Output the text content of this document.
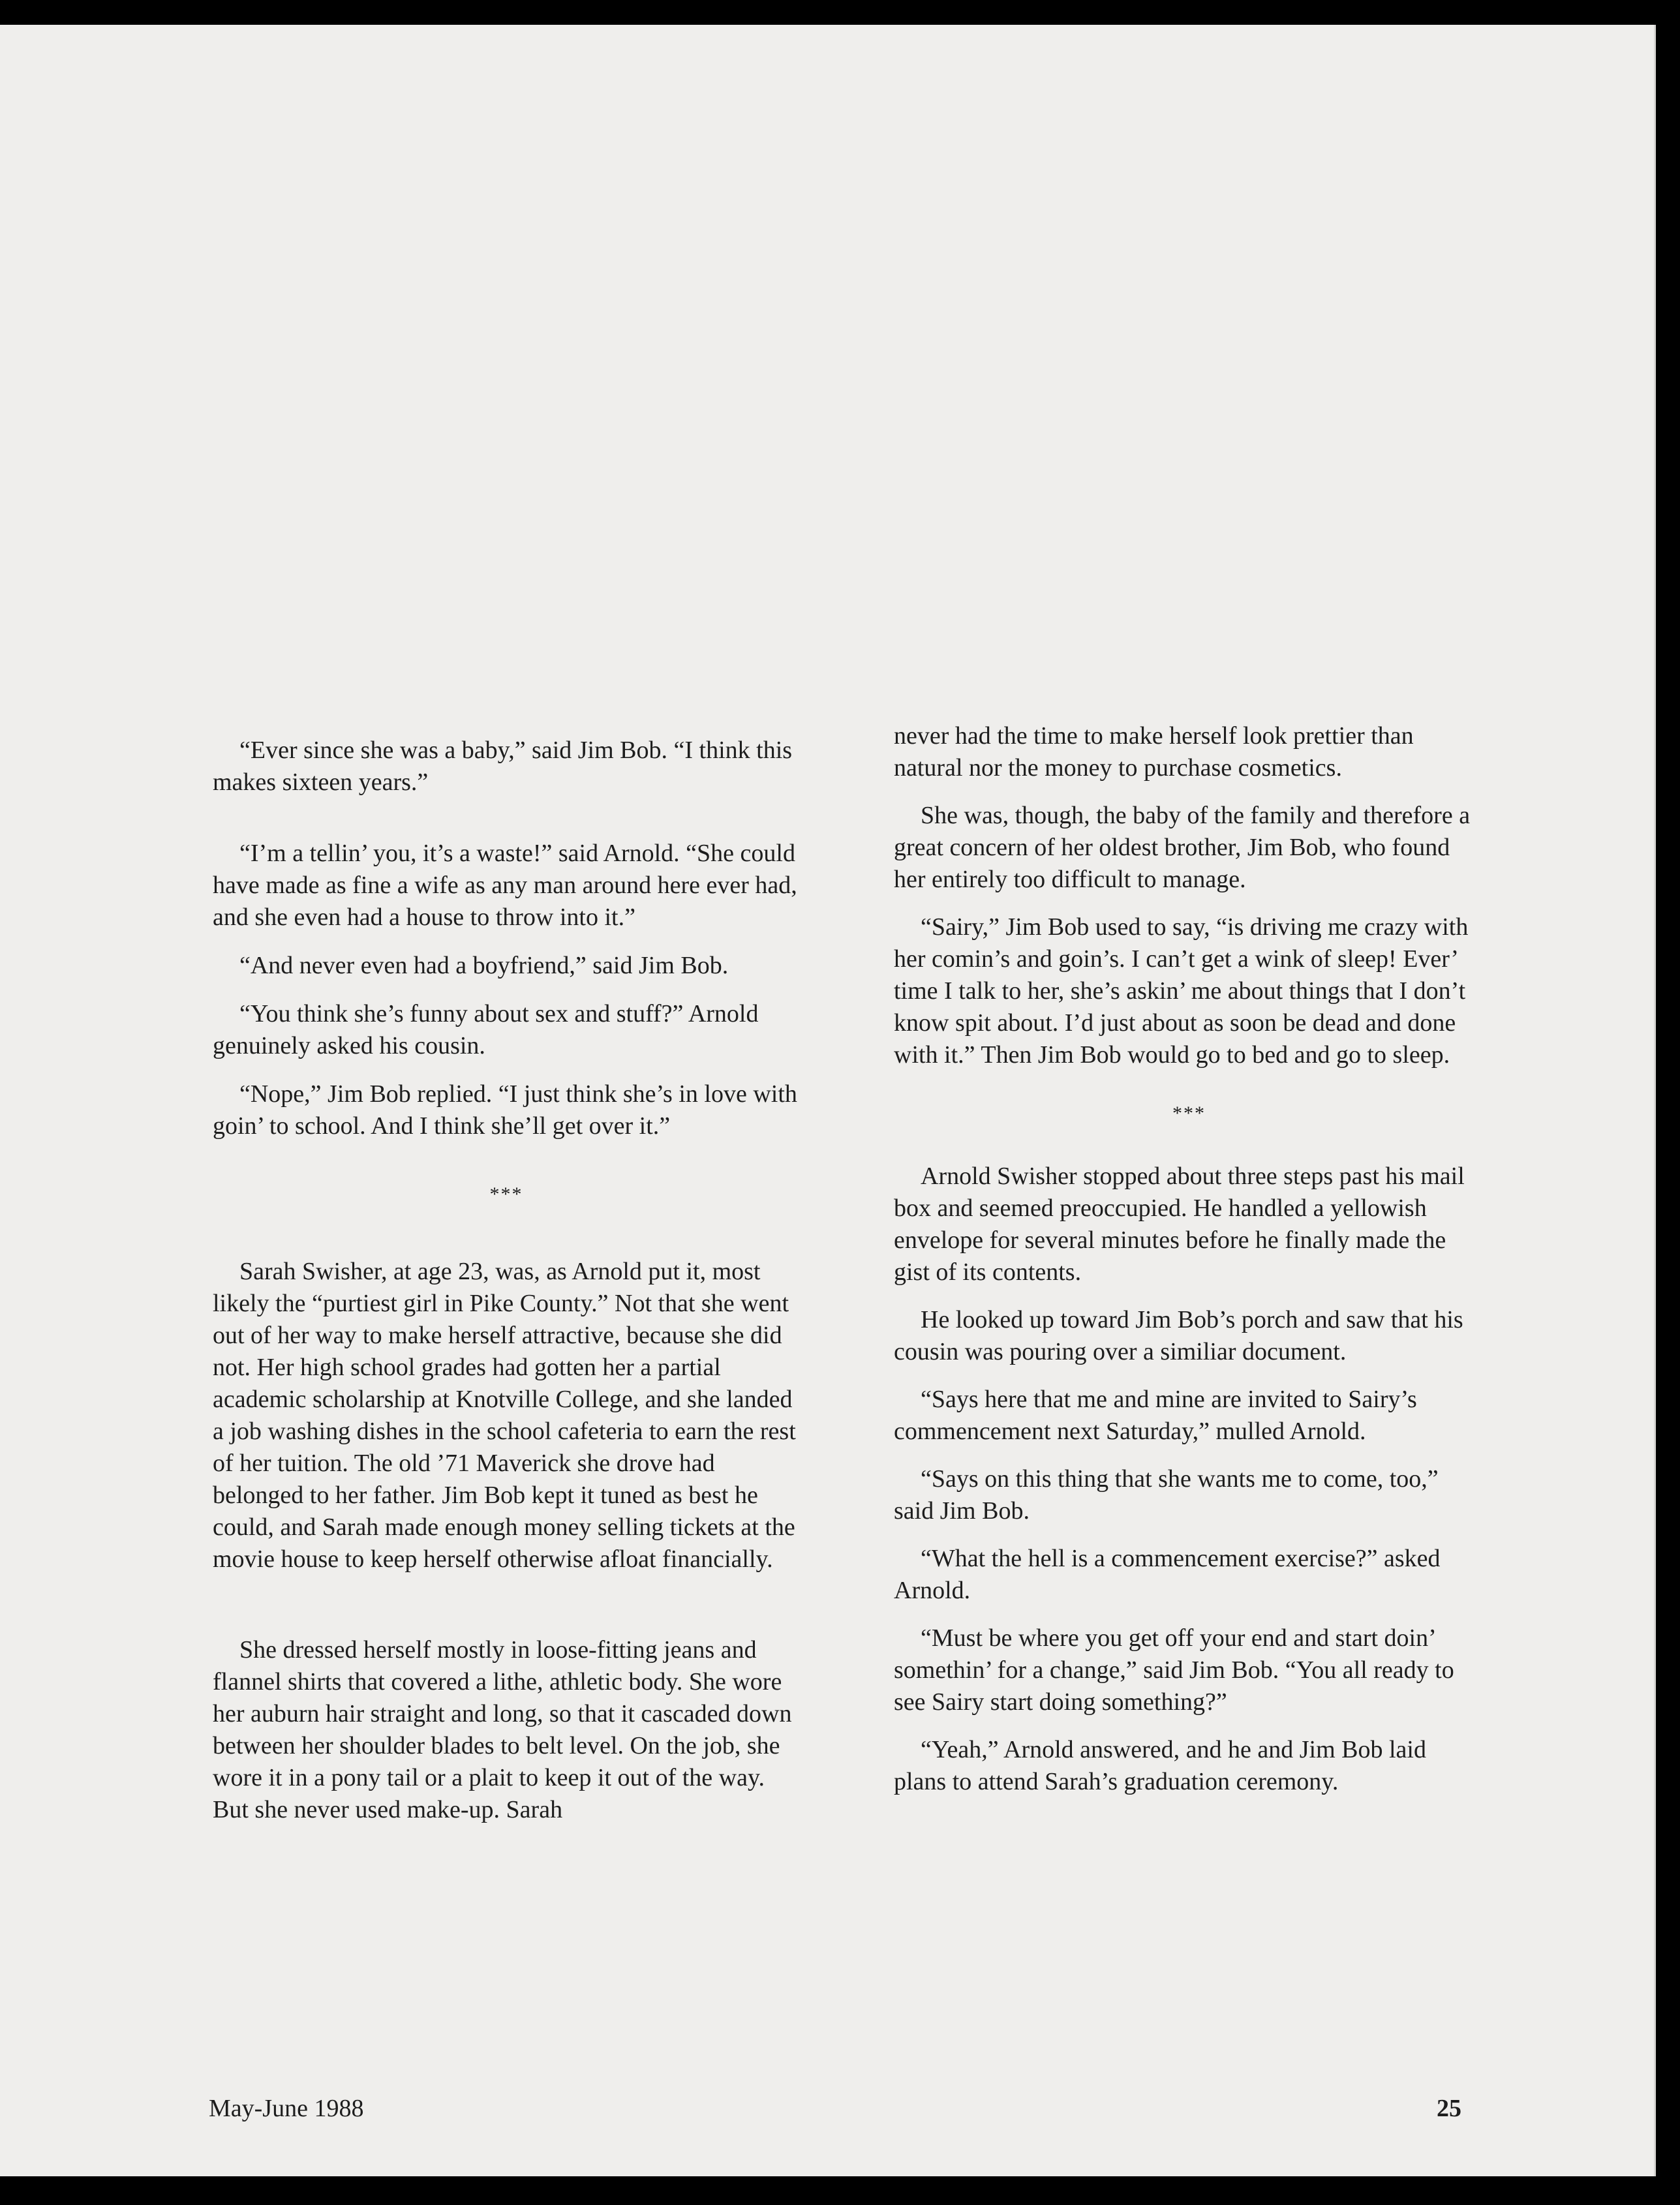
“Ever since she was a baby,” said Jim Bob. “I think this makes sixteen years.”

“I’m a tellin’ you, it’s a waste!” said Arnold. “She could have made as fine a wife as any man around here ever had, and she even had a house to throw into it.”

“And never even had a boyfriend,” said Jim Bob.

“You think she’s funny about sex and stuff?” Arnold genuinely asked his cousin.

“Nope,” Jim Bob replied. “I just think she’s in love with goin’ to school. And I think she’ll get over it.”

***

Sarah Swisher, at age 23, was, as Arnold put it, most likely the “purtiest girl in Pike County.” Not that she went out of her way to make herself attractive, because she did not. Her high school grades had gotten her a partial academic scholarship at Knotville College, and she landed a job washing dishes in the school cafeteria to earn the rest of her tuition. The old ’71 Maverick she drove had belonged to her father. Jim Bob kept it tuned as best he could, and Sarah made enough money selling tickets at the movie house to keep herself otherwise afloat financially.

She dressed herself mostly in loose-fitting jeans and flannel shirts that covered a lithe, athletic body. She wore her auburn hair straight and long, so that it cascaded down between her shoulder blades to belt level. On the job, she wore it in a pony tail or a plait to keep it out of the way. But she never used make-up. Sarah

never had the time to make herself look prettier than natural nor the money to purchase cosmetics.

She was, though, the baby of the family and therefore a great concern of her oldest brother, Jim Bob, who found her entirely too difficult to manage.

“Sairy,” Jim Bob used to say, “is driving me crazy with her comin’s and goin’s. I can’t get a wink of sleep! Ever’ time I talk to her, she’s askin’ me about things that I don’t know spit about. I’d just about as soon be dead and done with it.” Then Jim Bob would go to bed and go to sleep.

***

Arnold Swisher stopped about three steps past his mail box and seemed preoccupied. He handled a yellowish envelope for several minutes before he finally made the gist of its contents.

He looked up toward Jim Bob’s porch and saw that his cousin was pouring over a similiar document.

“Says here that me and mine are invited to Sairy’s commencement next Saturday,” mulled Arnold.

“Says on this thing that she wants me to come, too,” said Jim Bob.

“What the hell is a commencement exercise?” asked Arnold.

“Must be where you get off your end and start doin’ somethin’ for a change,” said Jim Bob. “You all ready to see Sairy start doing something?”

“Yeah,” Arnold answered, and he and Jim Bob laid plans to attend Sarah’s graduation ceremony.

May-June 1988	25
